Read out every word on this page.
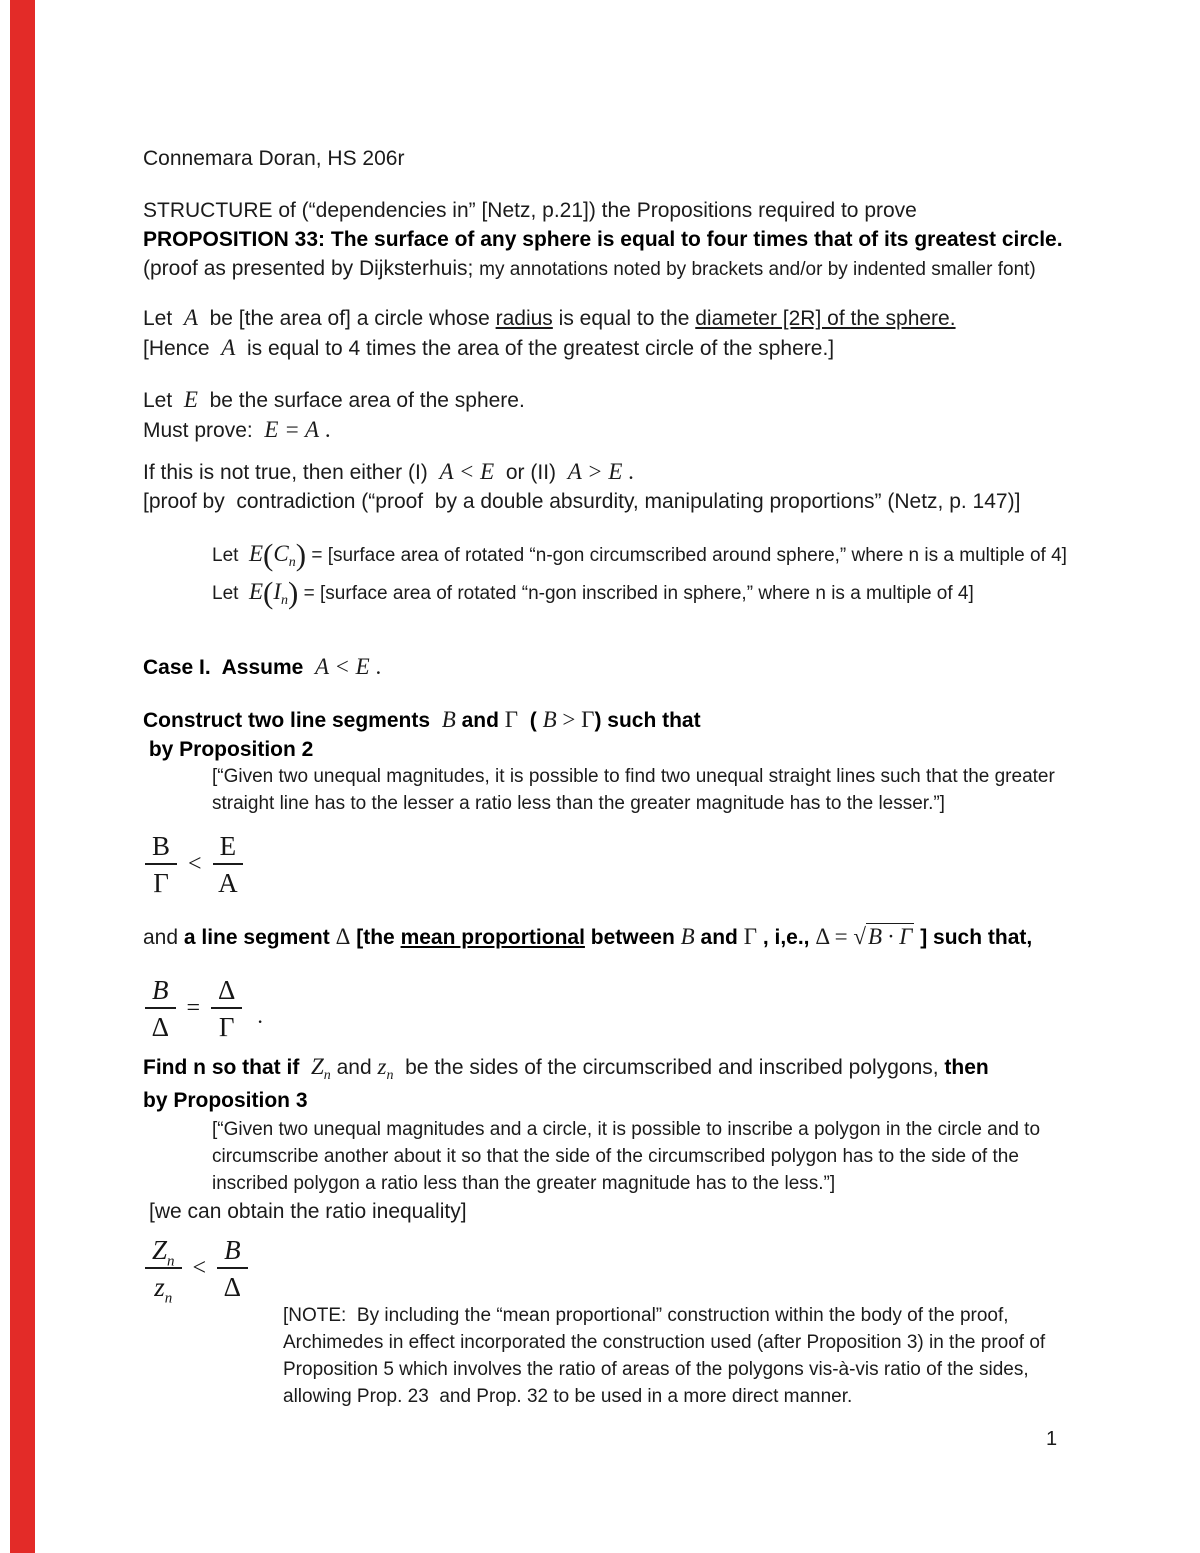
Connemara Doran, HS 206r
STRUCTURE of (“dependencies in” [Netz, p.21]) the Propositions required to prove
PROPOSITION 33: The surface of any sphere is equal to four times that of its greatest circle.
(proof as presented by Dijksterhuis; my annotations noted by brackets and/or by indented smaller font)
Let  A  be [the area of] a circle whose radius is equal to the diameter [2R] of the sphere.
[Hence  A  is equal to 4 times the area of the greatest circle of the sphere.]
Let  E  be the surface area of the sphere.
Must prove:  E = A .
If this is not true, then either (I)  A < E  or (II)  A > E .
[proof by  contradiction (“proof  by a double absurdity, manipulating proportions” (Netz, p. 147)]
Let  $E(C_n)$ = [surface area of rotated “n-gon circumscribed around sphere,” where n is a multiple of 4]
Let  $E(I_n)$ = [surface area of rotated “n-gon inscribed in sphere,” where n is a multiple of 4]
Case I.  Assume  A < E .
Construct two line segments  B and Γ  ( B > Γ) such that
by Proposition 2
[“Given two unequal magnitudes, it is possible to find two unequal straight lines such that the greater
straight line has to the lesser a ratio less than the greater magnitude has to the lesser.”]
$\frac{B}{\Gamma} < \frac{E}{A}$
and a line segment Δ [the mean proportional between B and Γ , i,e., Δ = √B · Γ ] such that,
$\frac{B}{\Delta} = \frac{\Delta}{\Gamma}$ .
Find n so that if  $Z_n$ and $z_n$  be the sides of the circumscribed and inscribed polygons, then
by Proposition 3
[“Given two unequal magnitudes and a circle, it is possible to inscribe a polygon in the circle and to
circumscribe another about it so that the side of the circumscribed polygon has to the side of the
inscribed polygon a ratio less than the greater magnitude has to the less.”]
[we can obtain the ratio inequality]
$\frac{Z_n}{z_n} < \frac{B}{\Delta}$
[NOTE:  By including the “mean proportional” construction within the body of the proof,
Archimedes in effect incorporated the construction used (after Proposition 3) in the proof of
Proposition 5 which involves the ratio of areas of the polygons vis-à-vis ratio of the sides,
allowing Prop. 23  and Prop. 32 to be used in a more direct manner.
1
